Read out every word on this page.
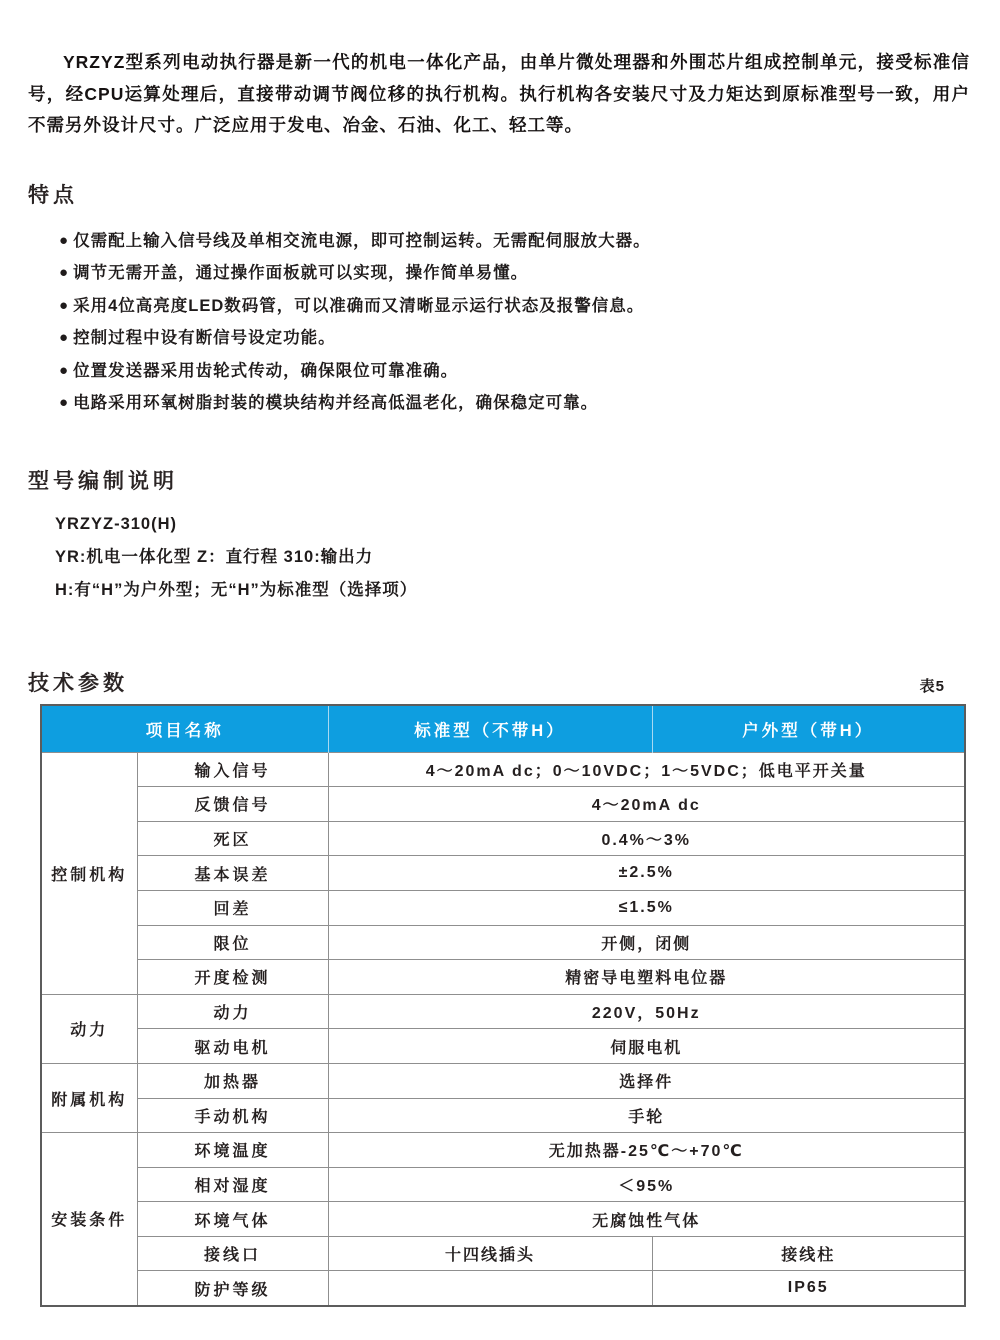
YRZYZ型系列电动执行器是新一代的机电一体化产品，由单片微处理器和外围芯片组成控制单元，接受标准信号，经CPU运算处理后，直接带动调节阀位移的执行机构。执行机构各安装尺寸及力矩达到原标准型号一致，用户不需另外设计尺寸。广泛应用于发电、冶金、石油、化工、轻工等。

特点
● 仅需配上输入信号线及单相交流电源，即可控制运转。无需配伺服放大器。
● 调节无需开盖，通过操作面板就可以实现，操作简单易懂。
● 采用4位高亮度LED数码管，可以准确而又清晰显示运行状态及报警信息。
● 控制过程中设有断信号设定功能。
● 位置发送器采用齿轮式传动，确保限位可靠准确。
● 电路采用环氧树脂封装的模块结构并经高低温老化，确保稳定可靠。
型号编制说明
YRZYZ-310(H)
YR:机电一体化型 Z：直行程 310:输出力
H:有“H”为户外型；无“H”为标准型（选择项）
技术参数	表5
项目名称		标准型（不带H）	户外型（带H）
控制机构	输入信号	4～20mA dc；0～10VDC；1～5VDC；低电平开关量	
	反馈信号	4～20mA dc	
	死区	0.4%～3%	
	基本误差	±2.5%	
	回差	≤1.5%	
	限位	开侧，闭侧	
	开度检测	精密导电塑料电位器	
动力	动力	220V，50Hz	
	驱动电机	伺服电机	
附属机构	加热器	选择件	
	手动机构	手轮	
安装条件	环境温度	无加热器-25℃～+70℃	
	相对湿度	＜95%	
	环境气体	无腐蚀性气体	
	接线口	十四线插头	接线柱
	防护等级		IP65
